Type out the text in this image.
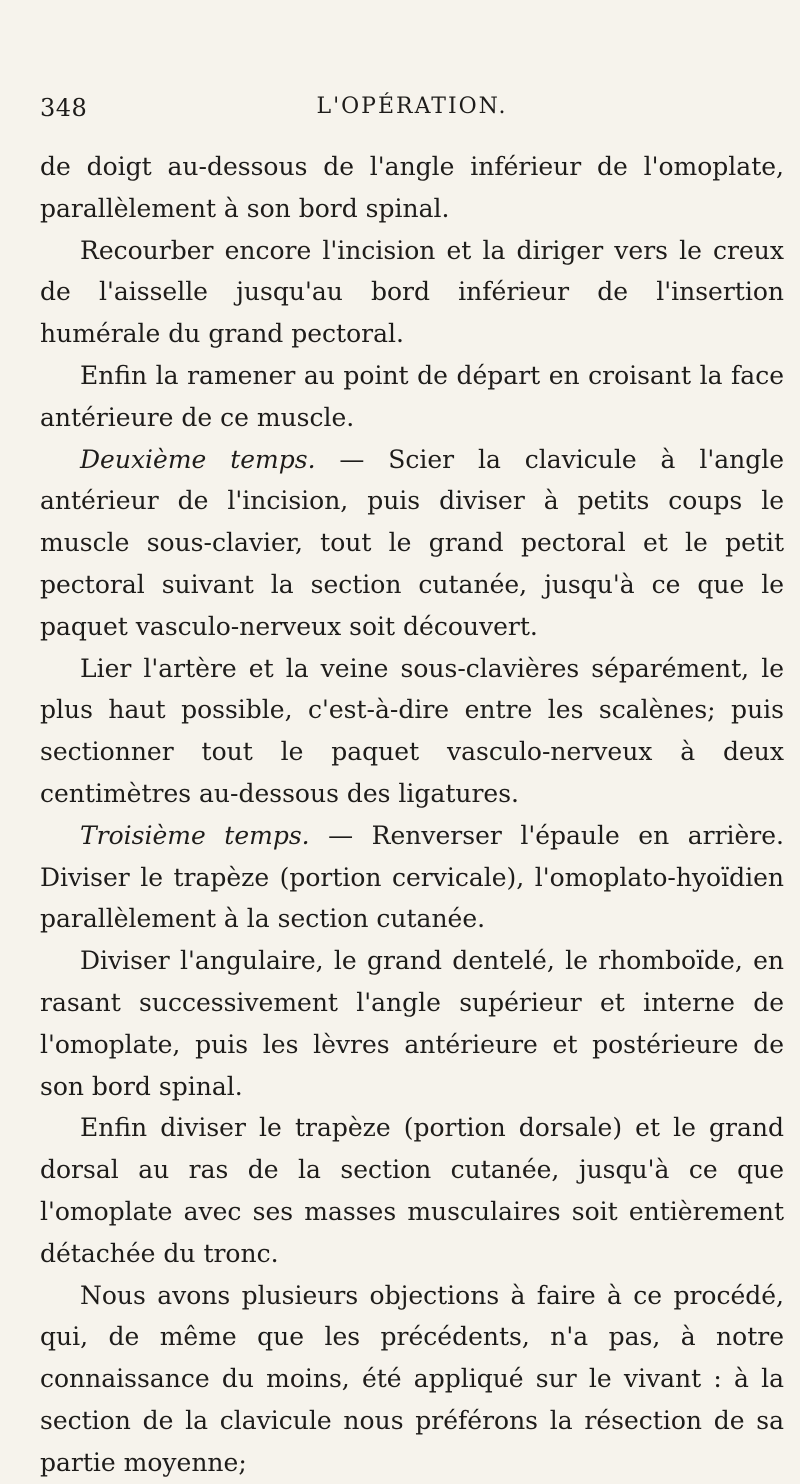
348	L'OPÉRATION.

de doigt au-dessous de l'angle inférieur de l'omoplate, parallèlement à son bord spinal.

Recourber encore l'incision et la diriger vers le creux de l'aisselle jusqu'au bord inférieur de l'insertion humérale du grand pectoral.

Enfin la ramener au point de départ en croisant la face antérieure de ce muscle.

Deuxième temps. — Scier la clavicule à l'angle antérieur de l'incision, puis diviser à petits coups le muscle sous-clavier, tout le grand pectoral et le petit pectoral suivant la section cutanée, jusqu'à ce que le paquet vasculo-nerveux soit découvert.

Lier l'artère et la veine sous-clavières séparément, le plus haut possible, c'est-à-dire entre les scalènes; puis sectionner tout le paquet vasculo-nerveux à deux centimètres au-dessous des ligatures.

Troisième temps. — Renverser l'épaule en arrière. Diviser le trapèze (portion cervicale), l'omoplato-hyoïdien parallèlement à la section cutanée.

Diviser l'angulaire, le grand dentelé, le rhomboïde, en rasant successivement l'angle supérieur et interne de l'omoplate, puis les lèvres antérieure et postérieure de son bord spinal.

Enfin diviser le trapèze (portion dorsale) et le grand dorsal au ras de la section cutanée, jusqu'à ce que l'omoplate avec ses masses musculaires soit entièrement détachée du tronc.

Nous avons plusieurs objections à faire à ce procédé, qui, de même que les précédents, n'a pas, à notre connaissance du moins, été appliqué sur le vivant : à la section de la clavicule nous préférons la résection de sa partie moyenne;
